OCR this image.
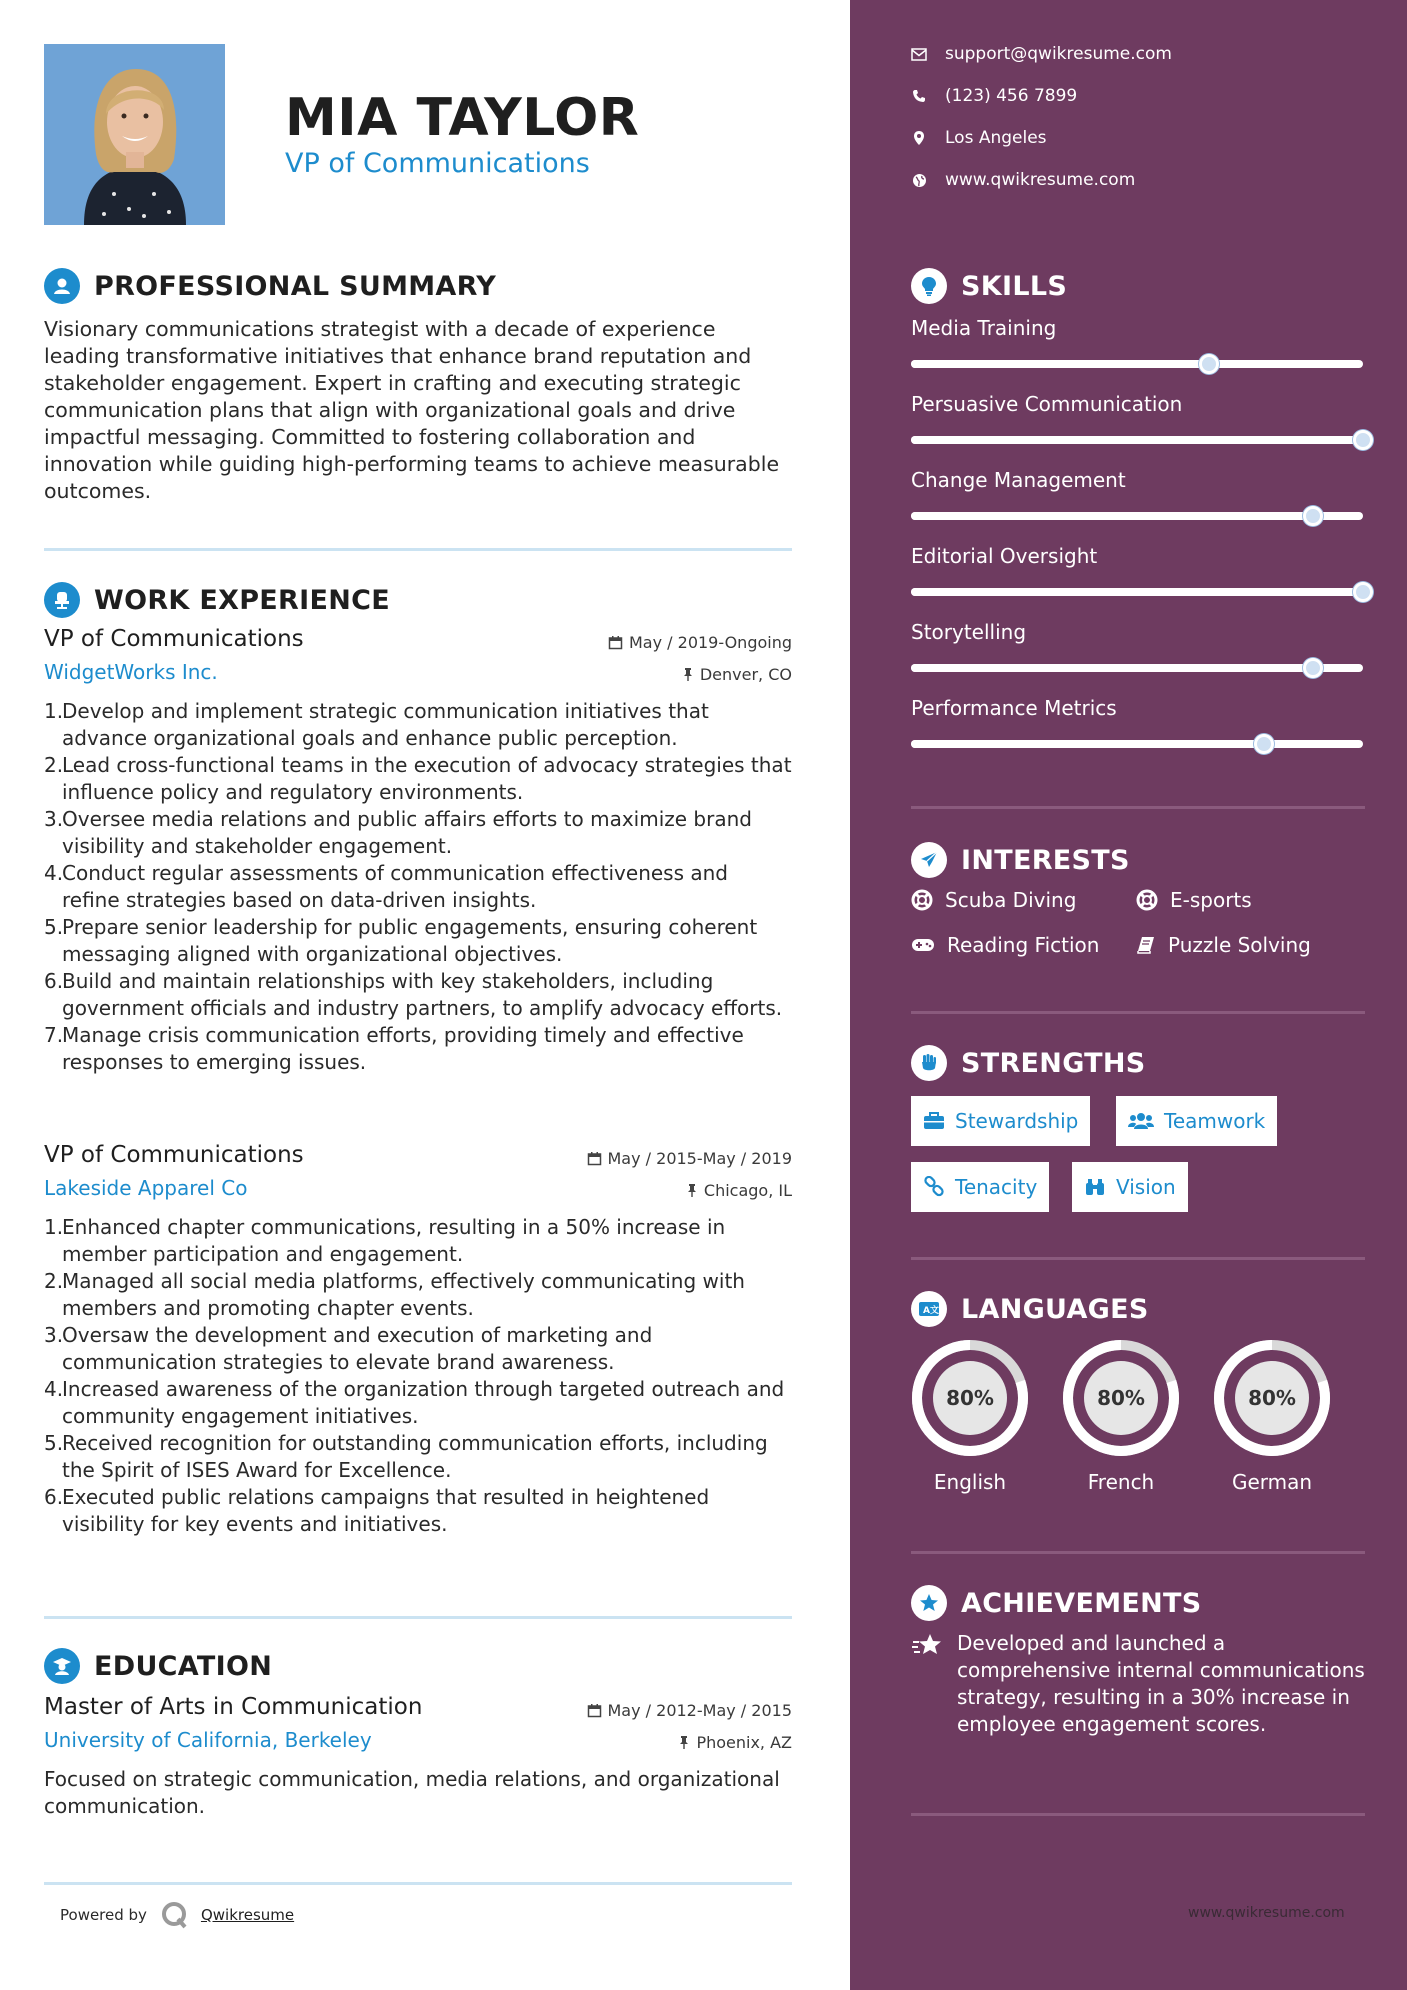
MIA TAYLOR
VP of Communications
PROFESSIONAL SUMMARY
Visionary communications strategist with a decade of experience leading transformative initiatives that enhance brand reputation and stakeholder engagement. Expert in crafting and executing strategic communication plans that align with organizational goals and drive impactful messaging. Committed to fostering collaboration and innovation while guiding high-performing teams to achieve measurable outcomes.
WORK EXPERIENCE
VP of Communications	May / 2019-Ongoing
WidgetWorks Inc.	Denver, CO
Develop and implement strategic communication initiatives that advance organizational goals and enhance public perception.
Lead cross-functional teams in the execution of advocacy strategies that influence policy and regulatory environments.
Oversee media relations and public affairs efforts to maximize brand visibility and stakeholder engagement.
Conduct regular assessments of communication effectiveness and refine strategies based on data-driven insights.
Prepare senior leadership for public engagements, ensuring coherent messaging aligned with organizational objectives.
Build and maintain relationships with key stakeholders, including government officials and industry partners, to amplify advocacy efforts.
Manage crisis communication efforts, providing timely and effective responses to emerging issues.
VP of Communications	May / 2015-May / 2019
Lakeside Apparel Co	Chicago, IL
Enhanced chapter communications, resulting in a 50% increase in member participation and engagement.
Managed all social media platforms, effectively communicating with members and promoting chapter events.
Oversaw the development and execution of marketing and communication strategies to elevate brand awareness.
Increased awareness of the organization through targeted outreach and community engagement initiatives.
Received recognition for outstanding communication efforts, including the Spirit of ISES Award for Excellence.
Executed public relations campaigns that resulted in heightened visibility for key events and initiatives.
EDUCATION
Master of Arts in Communication	May / 2012-May / 2015
University of California, Berkeley	Phoenix, AZ
Focused on strategic communication, media relations, and organizational communication.
Powered by	Qwikresume
support@qwikresume.com
(123) 456 7899
Los Angeles
www.qwikresume.com
SKILLS
Media Training
Persuasive Communication
Change Management
Editorial Oversight
Storytelling
Performance Metrics
INTERESTS
Scuba Diving	E-sports
Reading Fiction	Puzzle Solving
STRENGTHS
Stewardship	Teamwork
Tenacity	Vision
A 文 LANGUAGES
80%
English
80%
French
80%
German
ACHIEVEMENTS
Developed and launched a comprehensive internal communications strategy, resulting in a 30% increase in employee engagement scores.
www.qwikresume.com
